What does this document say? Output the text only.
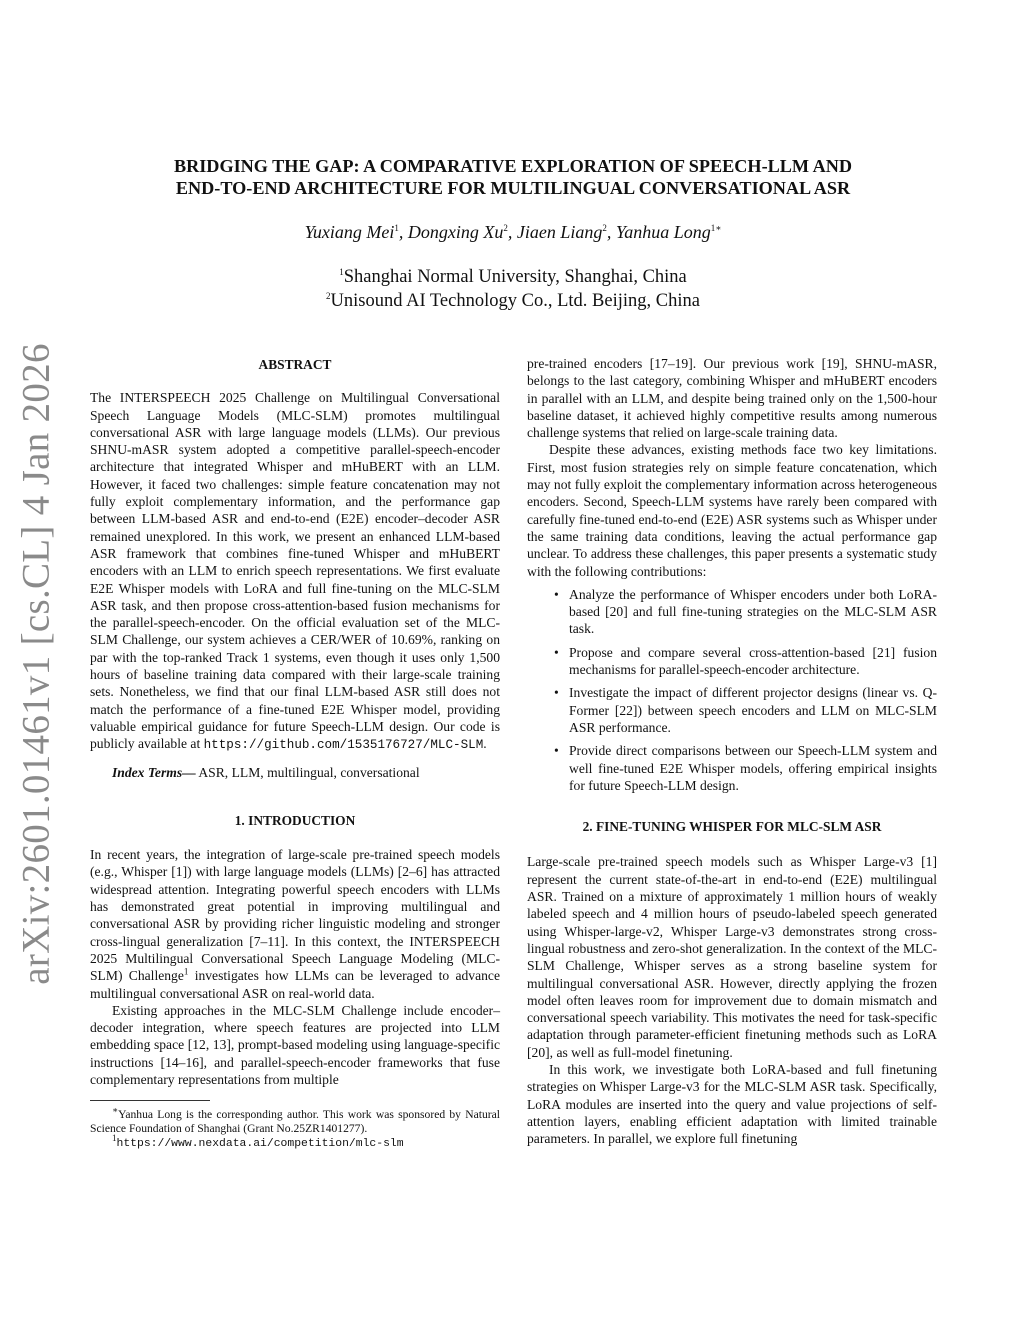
arXiv:2601.01461v1 [cs.CL] 4 Jan 2026
BRIDGING THE GAP: A COMPARATIVE EXPLORATION OF SPEECH-LLM AND
END-TO-END ARCHITECTURE FOR MULTILINGUAL CONVERSATIONAL ASR
Yuxiang Mei$^1$, Dongxing Xu$^2$, Jiaen Liang$^2$, Yanhua Long$^{1∗}$
$^1$Shanghai Normal University, Shanghai, China
$^2$Unisound AI Technology Co., Ltd. Beijing, China
ABSTRACT

The INTERSPEECH 2025 Challenge on Multilingual Conversational Speech Language Models (MLC-SLM) promotes multilingual conversational ASR with large language models (LLMs). Our previous SHNU-mASR system adopted a competitive parallel-speech-encoder architecture that integrated Whisper and mHuBERT with an LLM. However, it faced two challenges: simple feature concatenation may not fully exploit complementary information, and the performance gap between LLM-based ASR and end-to-end (E2E) encoder–decoder ASR remained unexplored. In this work, we present an enhanced LLM-based ASR framework that combines fine-tuned Whisper and mHuBERT encoders with an LLM to enrich speech representations. We first evaluate E2E Whisper models with LoRA and full fine-tuning on the MLC-SLM ASR task, and then propose cross-attention-based fusion mechanisms for the parallel-speech-encoder. On the official evaluation set of the MLC-SLM Challenge, our system achieves a CER/WER of 10.69%, ranking on par with the top-ranked Track 1 systems, even though it uses only 1,500 hours of baseline training data compared with their large-scale training sets. Nonetheless, we find that our final LLM-based ASR still does not match the performance of a fine-tuned E2E Whisper model, providing valuable empirical guidance for future Speech-LLM design. Our code is publicly available at https://github.com/1535176727/MLC-SLM.

Index Terms— ASR, LLM, multilingual, conversational

1. INTRODUCTION

In recent years, the integration of large-scale pre-trained speech models (e.g., Whisper [1]) with large language models (LLMs) [2–6] has attracted widespread attention. Integrating powerful speech encoders with LLMs has demonstrated great potential in improving multilingual and conversational ASR by providing richer linguistic modeling and stronger cross-lingual generalization [7–11]. In this context, the INTERSPEECH 2025 Multilingual Conversational Speech Language Modeling (MLC-SLM) Challenge$^1$ investigates how LLMs can be leveraged to advance multilingual conversational ASR on real-world data.

Existing approaches in the MLC-SLM Challenge include encoder–decoder integration, where speech features are projected into LLM embedding space [12, 13], prompt-based modeling using language-specific instructions [14–16], and parallel-speech-encoder frameworks that fuse complementary representations from multiple

∗Yanhua Long is the corresponding author. This work was sponsored by Natural Science Foundation of Shanghai (Grant No.25ZR1401277).

$^1$https://www.nexdata.ai/competition/mlc-slm

pre-trained encoders [17–19]. Our previous work [19], SHNU-mASR, belongs to the last category, combining Whisper and mHuBERT encoders in parallel with an LLM, and despite being trained only on the 1,500-hour baseline dataset, it achieved highly competitive results among numerous challenge systems that relied on large-scale training data.

Despite these advances, existing methods face two key limitations. First, most fusion strategies rely on simple feature concatenation, which may not fully exploit the complementary information across heterogeneous encoders. Second, Speech-LLM systems have rarely been compared with carefully fine-tuned end-to-end (E2E) ASR systems such as Whisper under the same training data conditions, leaving the actual performance gap unclear. To address these challenges, this paper presents a systematic study with the following contributions:

• Analyze the performance of Whisper encoders under both LoRA-based [20] and full fine-tuning strategies on the MLC-SLM ASR task.
• Propose and compare several cross-attention-based [21] fusion mechanisms for parallel-speech-encoder architecture.
• Investigate the impact of different projector designs (linear vs. Q-Former [22]) between speech encoders and LLM on MLC-SLM ASR performance.
• Provide direct comparisons between our Speech-LLM system and well fine-tuned E2E Whisper models, offering empirical insights for future Speech-LLM design.
2. FINE-TUNING WHISPER FOR MLC-SLM ASR

Large-scale pre-trained speech models such as Whisper Large-v3 [1] represent the current state-of-the-art in end-to-end (E2E) multilingual ASR. Trained on a mixture of approximately 1 million hours of weakly labeled speech and 4 million hours of pseudo-labeled speech generated using Whisper-large-v2, Whisper Large-v3 demonstrates strong cross-lingual robustness and zero-shot generalization. In the context of the MLC-SLM Challenge, Whisper serves as a strong baseline system for multilingual conversational ASR. However, directly applying the frozen model often leaves room for improvement due to domain mismatch and conversational speech variability. This motivates the need for task-specific adaptation through parameter-efficient finetuning methods such as LoRA [20], as well as full-model finetuning.

In this work, we investigate both LoRA-based and full finetuning strategies on Whisper Large-v3 for the MLC-SLM ASR task. Specifically, LoRA modules are inserted into the query and value projections of self-attention layers, enabling efficient adaptation with limited trainable parameters. In parallel, we explore full finetuning
